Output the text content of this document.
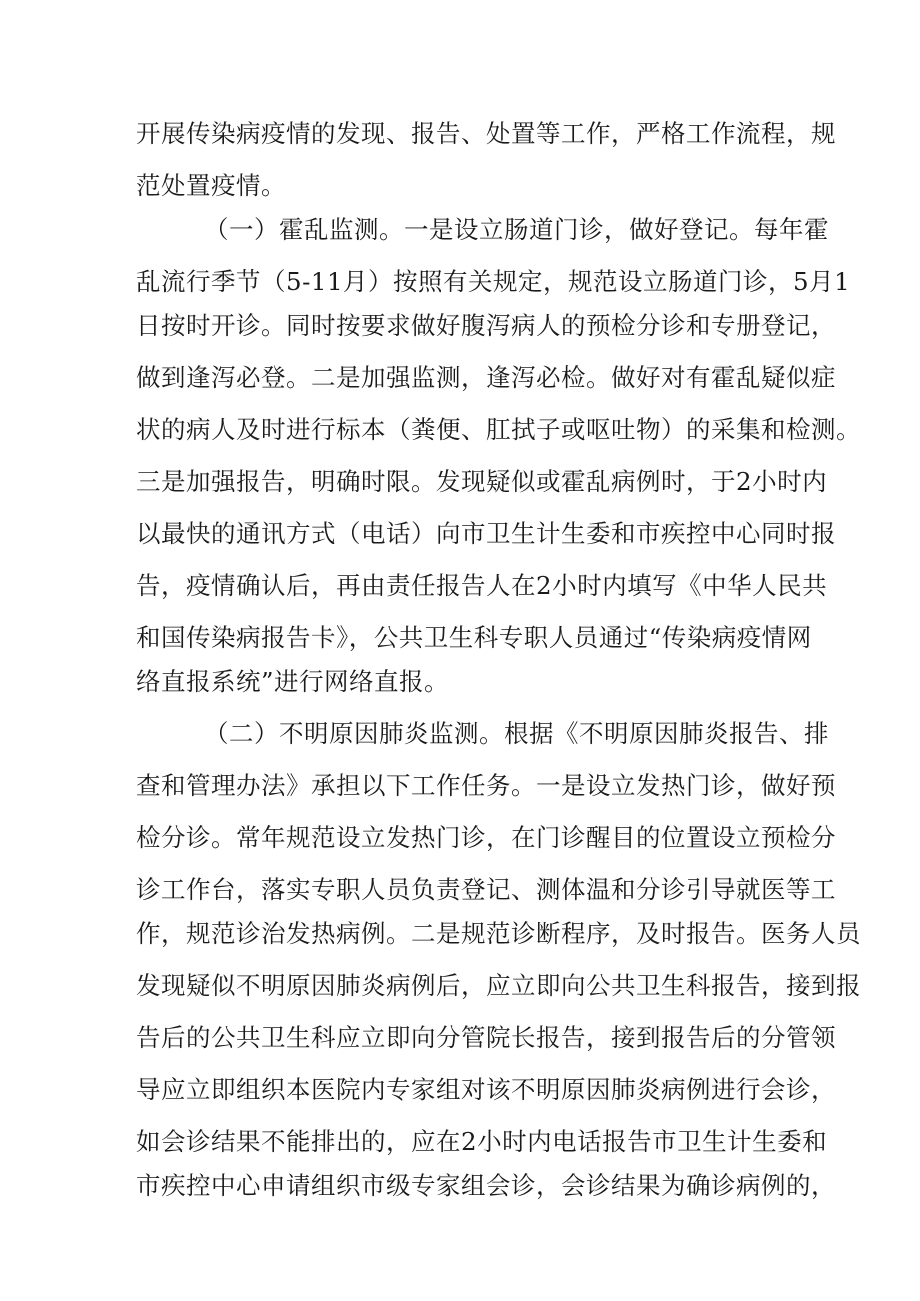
开展传染病疫情的发现、报告、处置等工作，严格工作流程，规
范处置疫情。
（一）霍乱监测。一是设立肠道门诊，做好登记。每年霍
乱流行季节（5-11月）按照有关规定，规范设立肠道门诊，5月1
日按时开诊。同时按要求做好腹泻病人的预检分诊和专册登记，
做到逢泻必登。二是加强监测，逢泻必检。做好对有霍乱疑似症
状的病人及时进行标本（粪便、肛拭子或呕吐物）的采集和检测。
三是加强报告，明确时限。发现疑似或霍乱病例时，于2小时内
以最快的通讯方式（电话）向市卫生计生委和市疾控中心同时报
告，疫情确认后，再由责任报告人在2小时内填写《中华人民共
和国传染病报告卡》，公共卫生科专职人员通过“传染病疫情网
络直报系统”进行网络直报。
（二）不明原因肺炎监测。根据《不明原因肺炎报告、排
查和管理办法》承担以下工作任务。一是设立发热门诊，做好预
检分诊。常年规范设立发热门诊，在门诊醒目的位置设立预检分
诊工作台，落实专职人员负责登记、测体温和分诊引导就医等工
作，规范诊治发热病例。二是规范诊断程序，及时报告。医务人员
发现疑似不明原因肺炎病例后，应立即向公共卫生科报告，接到报
告后的公共卫生科应立即向分管院长报告，接到报告后的分管领
导应立即组织本医院内专家组对该不明原因肺炎病例进行会诊，
如会诊结果不能排出的，应在2小时内电话报告市卫生计生委和
市疾控中心申请组织市级专家组会诊，会诊结果为确诊病例的，
